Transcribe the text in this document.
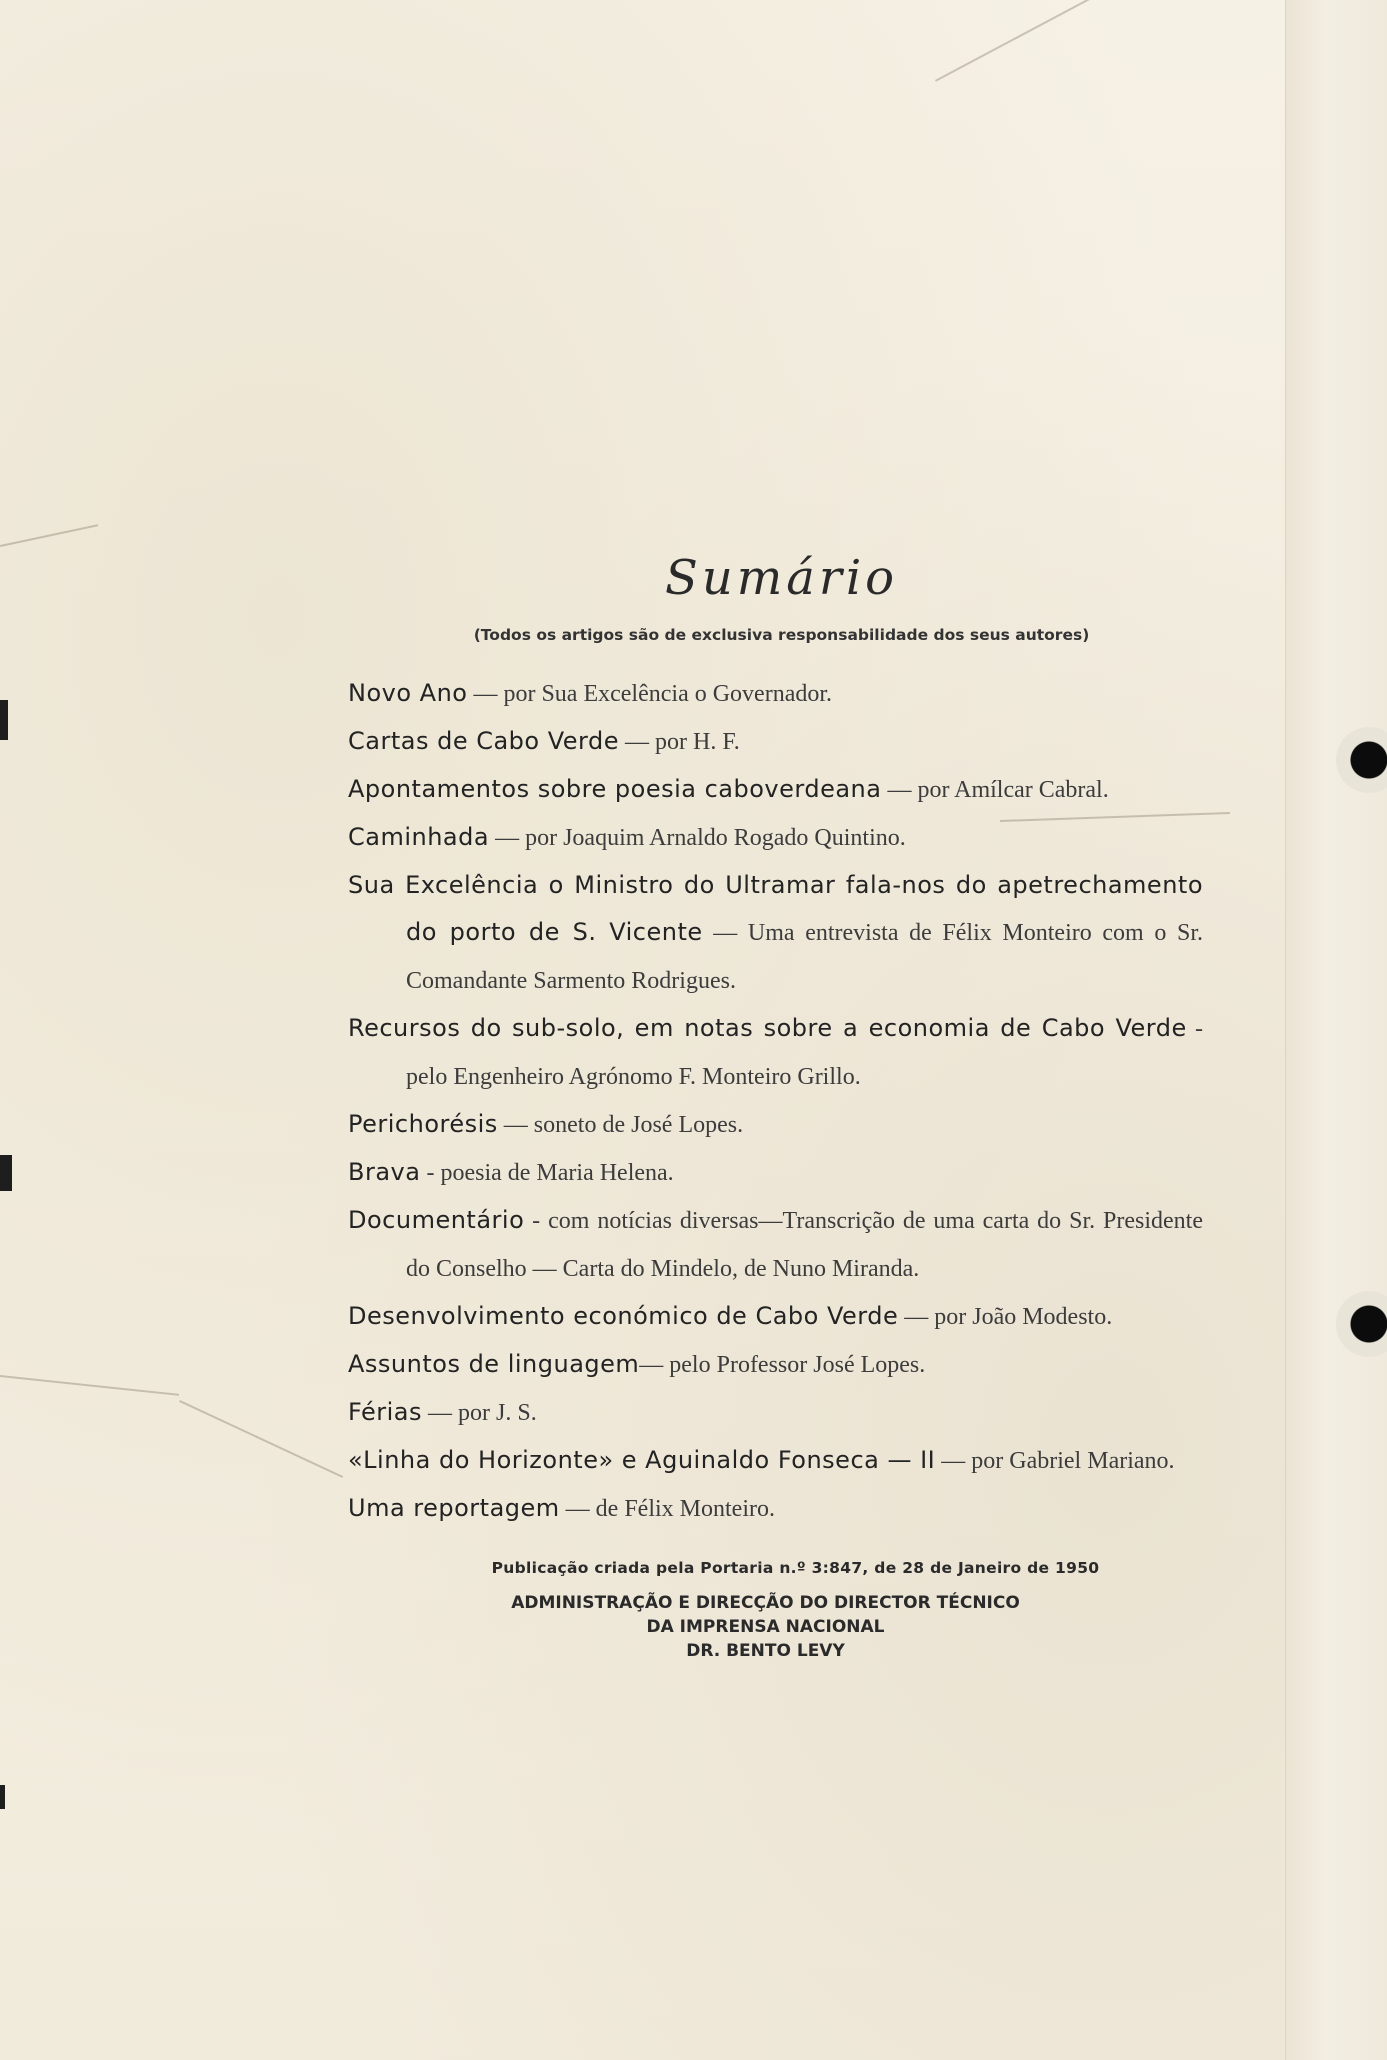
Sumário
(Todos os artigos são de exclusiva responsabilidade dos seus autores)
Novo Ano — por Sua Excelência o Governador.
Cartas de Cabo Verde — por H. F.
Apontamentos sobre poesia caboverdeana — por Amílcar Cabral.
Caminhada — por Joaquim Arnaldo Rogado Quintino.
Sua Excelência o Ministro do Ultramar fala-nos do apetrechamento do porto de S. Vicente — Uma entrevista de Félix Monteiro com o Sr. Comandante Sarmento Rodrigues.
Recursos do sub-solo, em notas sobre a economia de Cabo Verde - pelo Engenheiro Agrónomo F. Monteiro Grillo.
Perichorésis — soneto de José Lopes.
Brava - poesia de Maria Helena.
Documentário - com notícias diversas—Transcrição de uma carta do Sr. Presidente do Conselho — Carta do Mindelo, de Nuno Miranda.
Desenvolvimento económico de Cabo Verde — por João Modesto.
Assuntos de linguagem— pelo Professor José Lopes.
Férias — por J. S.
«Linha do Horizonte» e Aguinaldo Fonseca — II — por Gabriel Mariano.
Uma reportagem — de Félix Monteiro.
Publicação criada pela Portaria n.º 3:847, de 28 de Janeiro de 1950
ADMINISTRAÇÃO E DIRECÇÃO DO DIRECTOR TÉCNICO
DA IMPRENSA NACIONAL
DR. BENTO LEVY
